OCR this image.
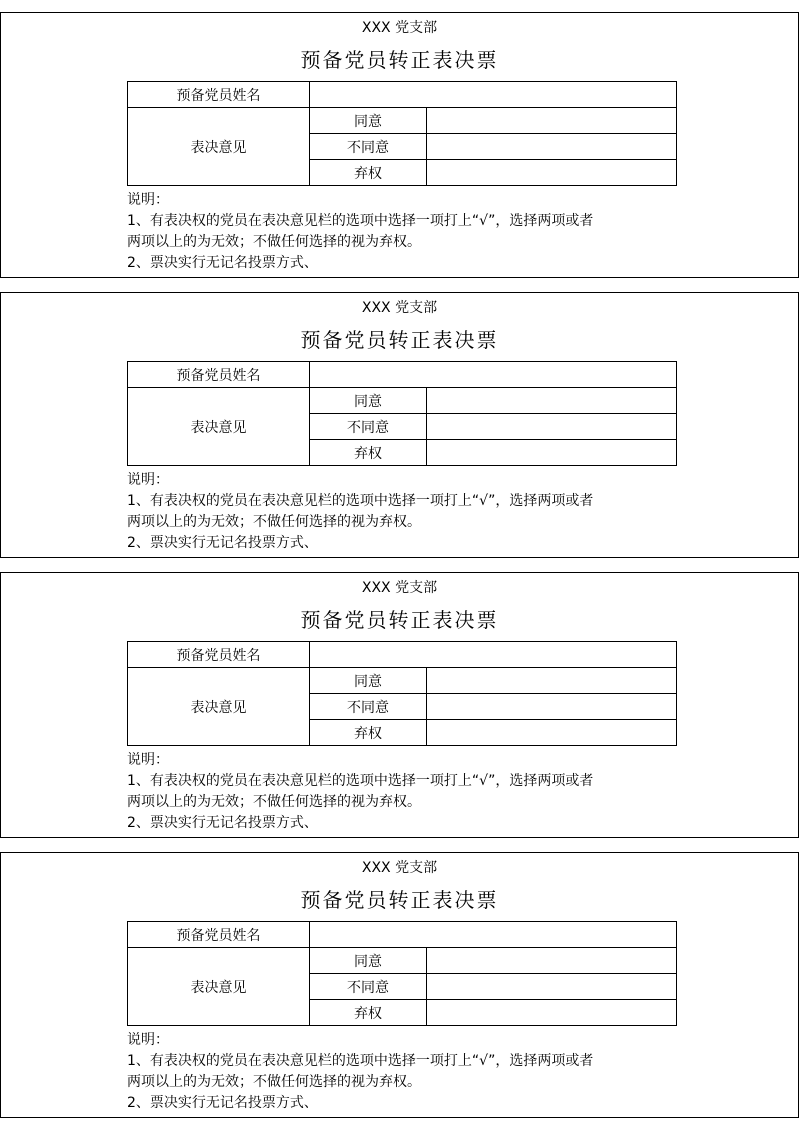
XXX 党支部
预备党员转正表决票
预备党员姓名		
表决意见	同意	
	不同意	
	弃权	
说明：
1、有表决权的党员在表决意见栏的选项中选择一项打上“√”，选择两项或者
两项以上的为无效；不做任何选择的视为弃权。
2、票决实行无记名投票方式、
XXX 党支部
预备党员转正表决票
预备党员姓名		
表决意见	同意	
	不同意	
	弃权	
说明：
1、有表决权的党员在表决意见栏的选项中选择一项打上“√”，选择两项或者
两项以上的为无效；不做任何选择的视为弃权。
2、票决实行无记名投票方式、
XXX 党支部
预备党员转正表决票
预备党员姓名		
表决意见	同意	
	不同意	
	弃权	
说明：
1、有表决权的党员在表决意见栏的选项中选择一项打上“√”，选择两项或者
两项以上的为无效；不做任何选择的视为弃权。
2、票决实行无记名投票方式、
XXX 党支部
预备党员转正表决票
预备党员姓名		
表决意见	同意	
	不同意	
	弃权	
说明：
1、有表决权的党员在表决意见栏的选项中选择一项打上“√”，选择两项或者
两项以上的为无效；不做任何选择的视为弃权。
2、票决实行无记名投票方式、
